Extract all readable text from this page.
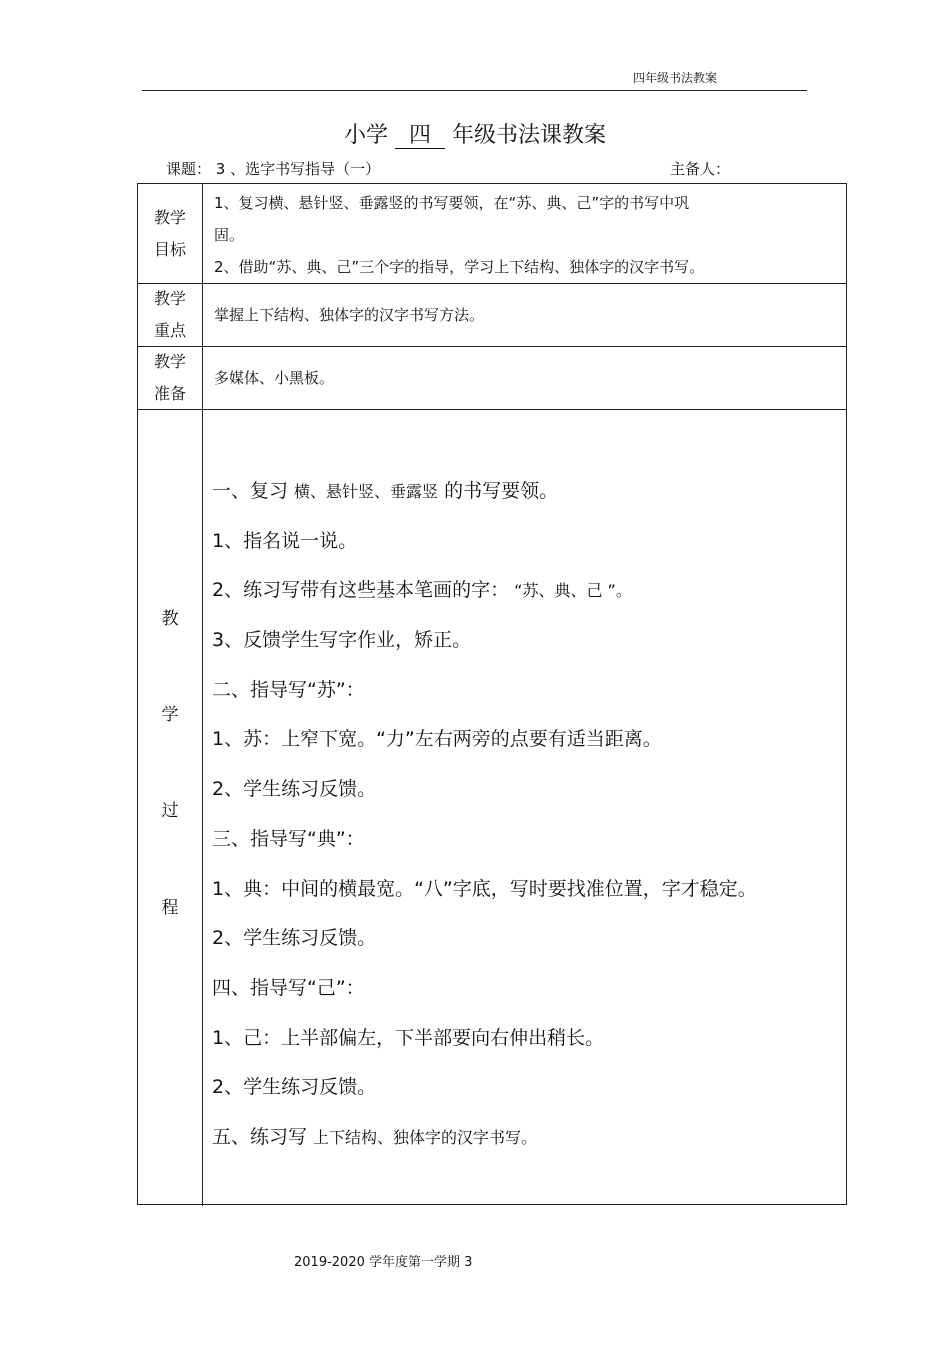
四年级书法教案
小学 四 年级书法课教案
课题： 3 、选字书写指导（一）	主备人：
教学目标
1、复习横、悬针竖、垂露竖的书写要领，在“苏、典、己”字的书写中巩
固。
2、借助“苏、典、己”三个字的指导，学习上下结构、独体字的汉字书写。
教学重点
掌握上下结构、独体字的汉字书写方法。
教学准备
多媒体、小黑板。
教
学
过
程
一、复习 横、悬针竖、垂露竖 的书写要领。
1、指名说一说。
2、练习写带有这些基本笔画的字： “苏、典、己 ”。
3、反馈学生写字作业，矫正。
二、指导写“苏”：
1、苏：上窄下宽。“力”左右两旁的点要有适当距离。
2、学生练习反馈。
三、指导写“典”：
1、典：中间的横最宽。“八”字底，写时要找准位置，字才稳定。
2、学生练习反馈。
四、指导写“己”：
1、己：上半部偏左，下半部要向右伸出稍长。
2、学生练习反馈。
五、练习写 上下结构、独体字的汉字书写。
2019-2020 学年度第一学期 3
